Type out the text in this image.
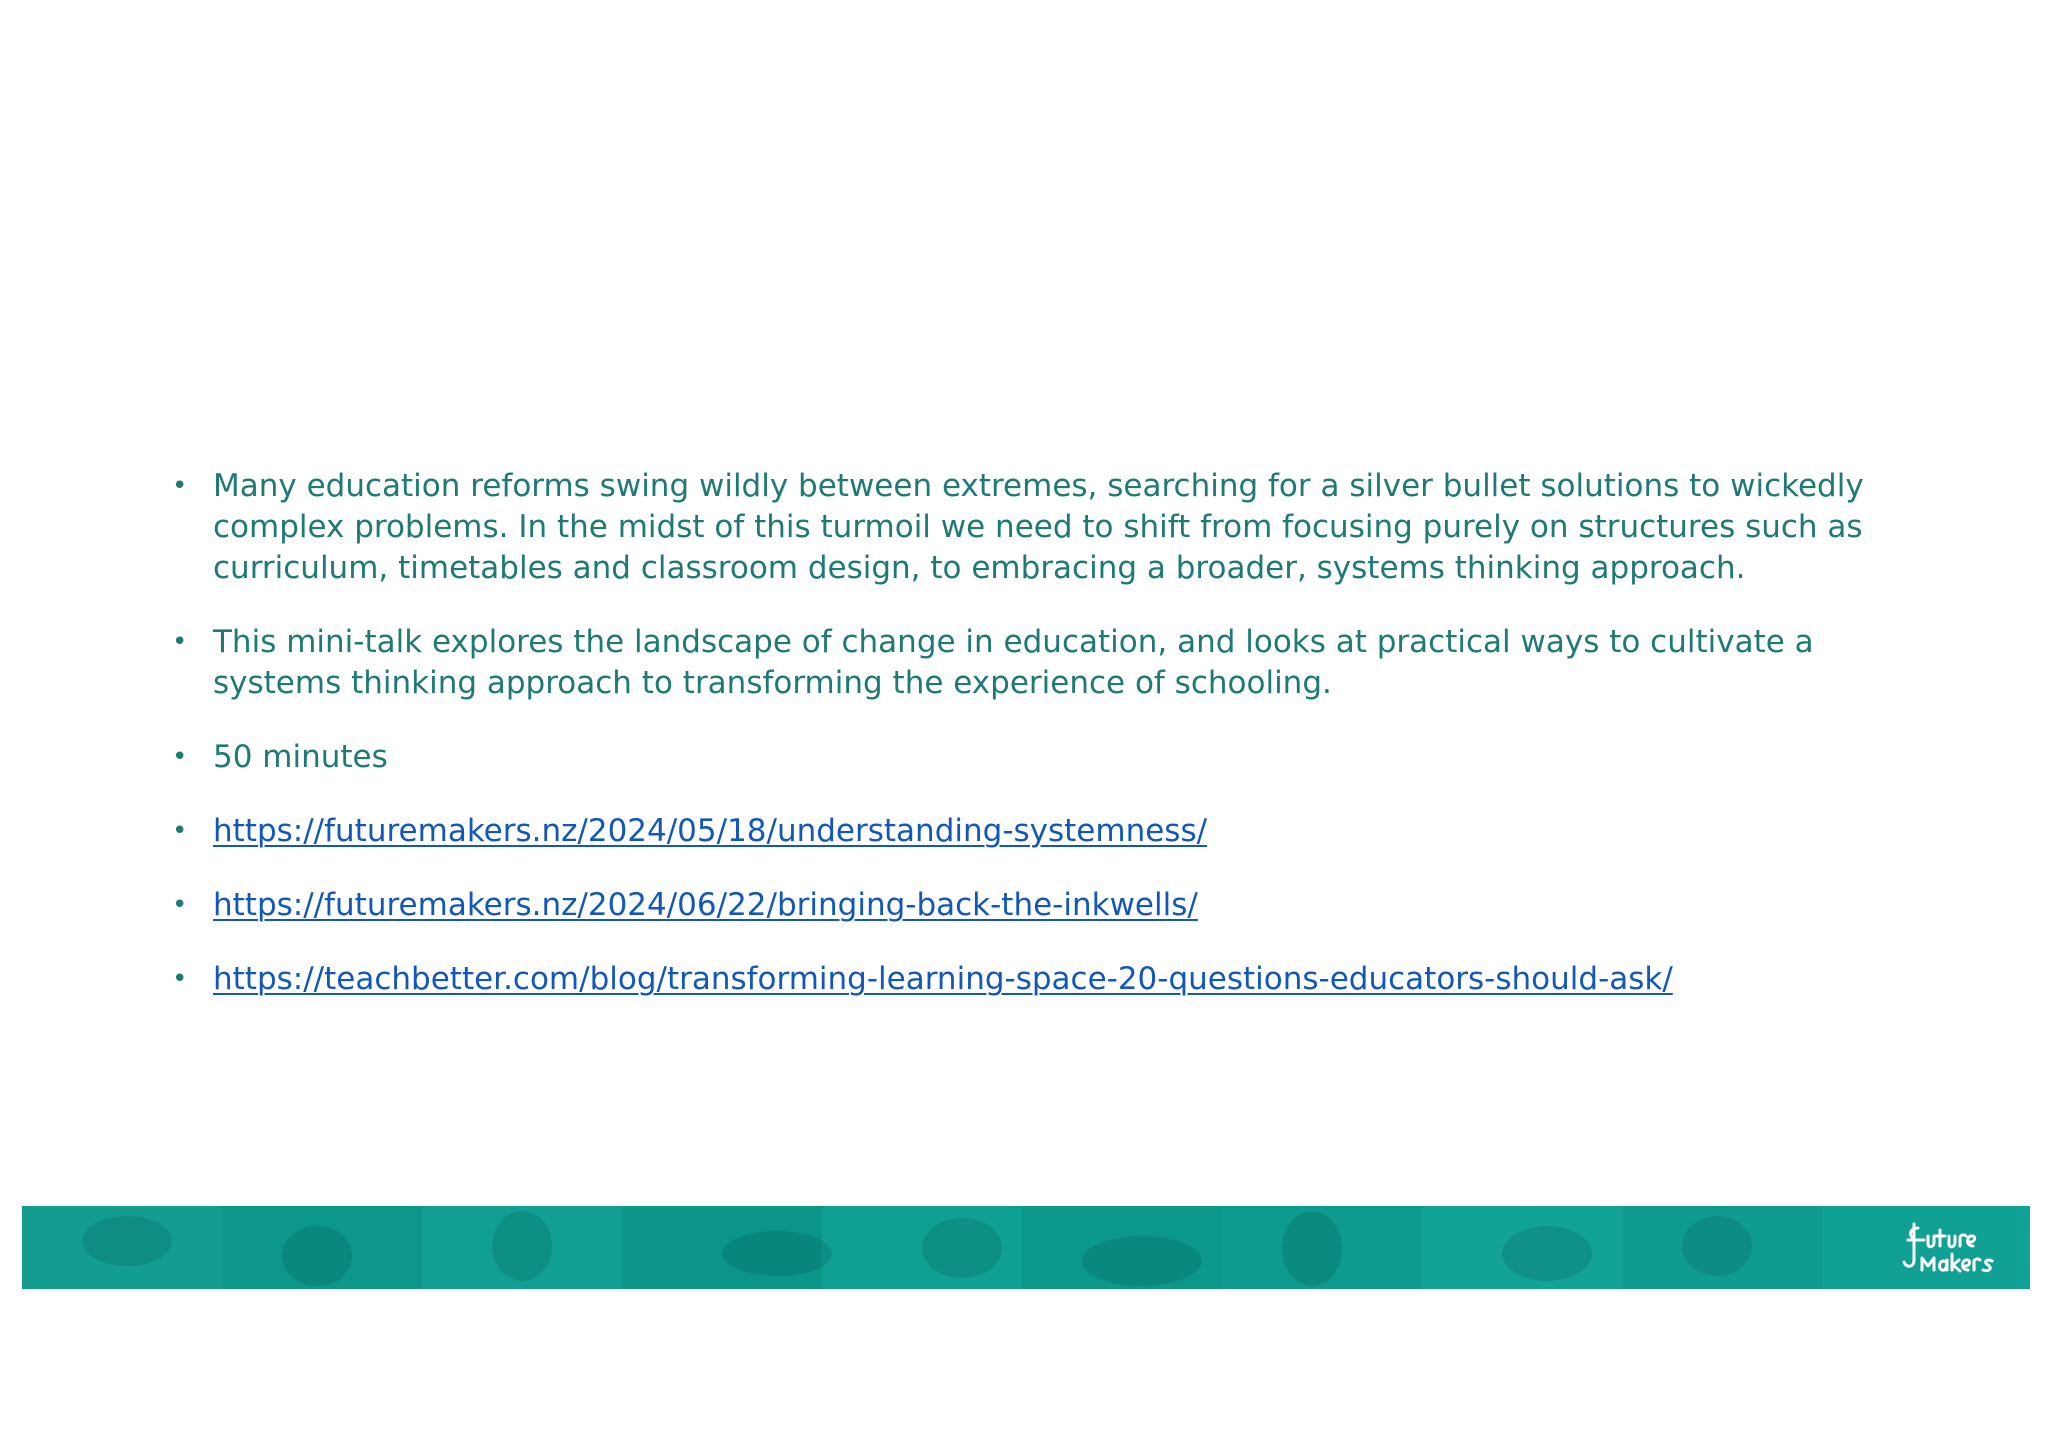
• Many education reforms swing wildly between extremes, searching for a silver bullet solutions to wickedly complex problems. In the midst of this turmoil we need to shift from focusing purely on structures such as curriculum, timetables and classroom design, to embracing a broader, systems thinking approach.
• This mini-talk explores the landscape of change in education, and looks at practical ways to cultivate a systems thinking approach to transforming the experience of schooling.
• 50 minutes
• https://futuremakers.nz/2024/05/18/understanding-systemness/
• https://futuremakers.nz/2024/06/22/bringing-back-the-inkwells/
• https://teachbetter.com/blog/transforming-learning-space-20-questions-educators-should-ask/
